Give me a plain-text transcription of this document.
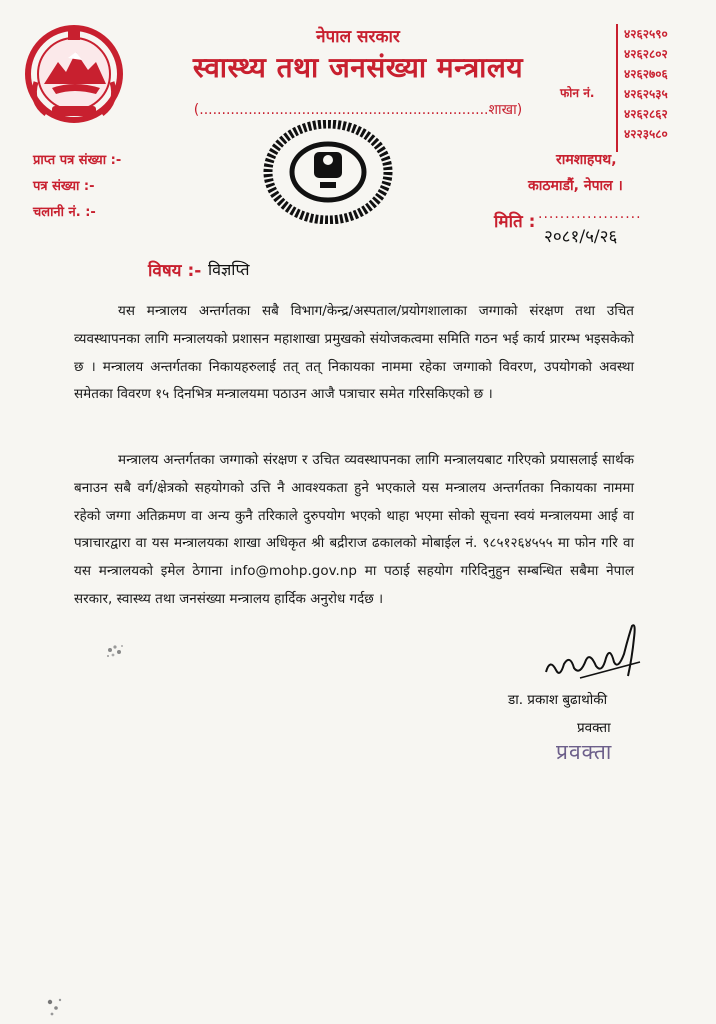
नेपाल सरकार
स्वास्थ्य तथा जनसंख्या मन्त्रालय
(.................................................................शाखा)
फोन नं.
४२६२५९०
४२६२८०२
४२६२७०६
४२६२५३५
४२६२८६२
४२२३५८०
प्राप्त पत्र संख्या :-
पत्र संख्या :-
चलानी नं. :-
रामशाहपथ,
काठमाडौं, नेपाल ।
मिति : ...................
२०८१/५/२६
विषय :- विज्ञप्ति

यस मन्त्रालय अन्तर्गतका सबै विभाग/केन्द्र/अस्पताल/प्रयोगशालाका जग्गाको संरक्षण तथा उचित व्यवस्थापनका लागि मन्त्रालयको प्रशासन महाशाखा प्रमुखको संयोजकत्वमा समिति गठन भई कार्य प्रारम्भ भइसकेको छ । मन्त्रालय अन्तर्गतका निकायहरुलाई तत् तत् निकायका नाममा रहेका जग्गाको विवरण, उपयोगको अवस्था समेतका विवरण १५ दिनभित्र मन्त्रालयमा पठाउन आजै पत्राचार समेत गरिसकिएको छ ।

मन्त्रालय अन्तर्गतका जग्गाको संरक्षण र उचित व्यवस्थापनका लागि मन्त्रालयबाट गरिएको प्रयासलाई सार्थक बनाउन सबै वर्ग/क्षेत्रको सहयोगको उत्ति नै आवश्यकता हुने भएकाले यस मन्त्रालय अन्तर्गतका निकायका नाममा रहेको जग्गा अतिक्रमण वा अन्य कुनै तरिकाले दुरुपयोग भएको थाहा भएमा सोको सूचना स्वयं मन्त्रालयमा आई वा पत्राचारद्वारा वा यस मन्त्रालयका शाखा अधिकृत श्री बद्रीराज ढकालको मोबाईल नं. ९८५१२६४५५५ मा फोन गरि वा यस मन्त्रालयको इमेल ठेगाना info@mohp.gov.np मा पठाई सहयोग गरिदिनुहुन सम्बन्धित सबैमा नेपाल सरकार, स्वास्थ्य तथा जनसंख्या मन्त्रालय हार्दिक अनुरोध गर्दछ ।

डा. प्रकाश बुढाथोकी
प्रवक्ता
प्रवक्ता
